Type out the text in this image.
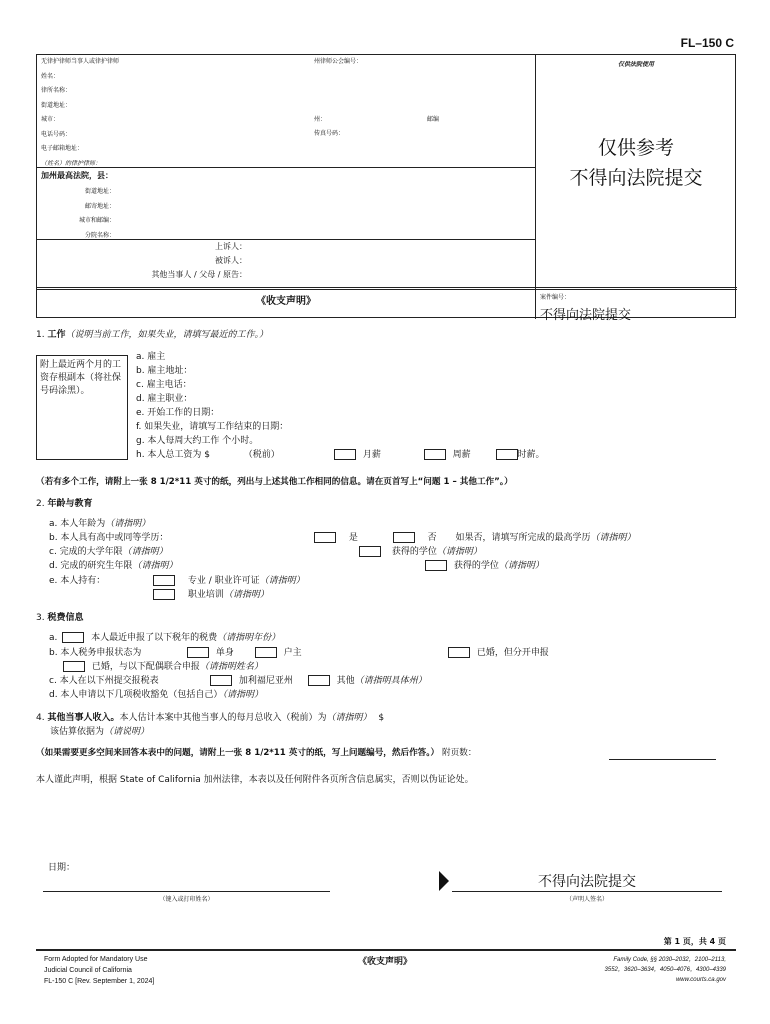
FL–150 C
无律护律师当事人或律护律师
姓名：
律所名称：
街道地址：
城市：
电话号码：
电子邮箱地址：
（姓名）的律护律师：
州律师公会编号：
州：	邮编
传真号码：
仅供法院使用
仅供参考
不得向法院提交
加州最高法院，县：
街道地址：
邮寄地址：
城市和邮编：
分院名称：
上诉人：
被诉人：
其他当事人 / 父母 / 原告：
《收支声明》	案件编号：
不得向法院提交
1. 工作（说明当前工作，如果失业，请填写最近的工作。）
附上最近两个月的工资存根副本（将社保号码涂黑）。
a. 雇主
b. 雇主地址：
c. 雇主电话：
d. 雇主职业：
e. 开始工作的日期：
f. 如果失业，请填写工作结束的日期：
g. 本人每周大约工作 个小时。
h. 本人总工资为 $	（税前）	月薪	周薪	时薪。
（若有多个工作，请附上一张 8 1/2*11 英寸的纸，列出与上述其他工作相同的信息。请在页首写上“问题 1 – 其他工作”。）
2. 年龄与教育
a. 本人年龄为（请指明）
b. 本人具有高中或同等学历：	是	否 如果否，请填写所完成的最高学历（请指明）
c. 完成的大学年限（请指明）	获得的学位（请指明）
d. 完成的研究生年限（请指明）	获得的学位（请指明）
e. 本人持有：	专业 / 职业许可证（请指明）
职业培训（请指明）
3. 税费信息
a.	本人最近申报了以下税年的税费（请指明年份）
b. 本人税务申报状态为	单身	户主	已婚，但分开申报
已婚，与以下配偶联合申报（请指明姓名）
c. 本人在以下州提交报税表	加利福尼亚州	其他（请指明具体州）
d. 本人申请以下几项税收豁免（包括自己）（请指明）
4. 其他当事人收入。本人估计本案中其他当事人的每月总收入（税前）为（请指明） $
该估算依据为（请说明）
（如果需要更多空间来回答本表中的问题，请附上一张 8 1/2*11 英寸的纸，写上问题编号，然后作答。） 附页数：
本人谨此声明，根据 State of California 加州法律，本表以及任何附件各页所含信息属实，否则以伪证论处。
日期：
（键入或打印姓名）
不得向法院提交
（声明人签名）
第 1 页，共 4 页
Form Adopted for Mandatory Use
Judicial Council of California
FL-150 C [Rev. September 1, 2024]
《收支声明》	Family Code, §§ 2030–2032，2100–2113,
3552，3620–3634，4050–4076，4300–4339
www.courts.ca.gov
